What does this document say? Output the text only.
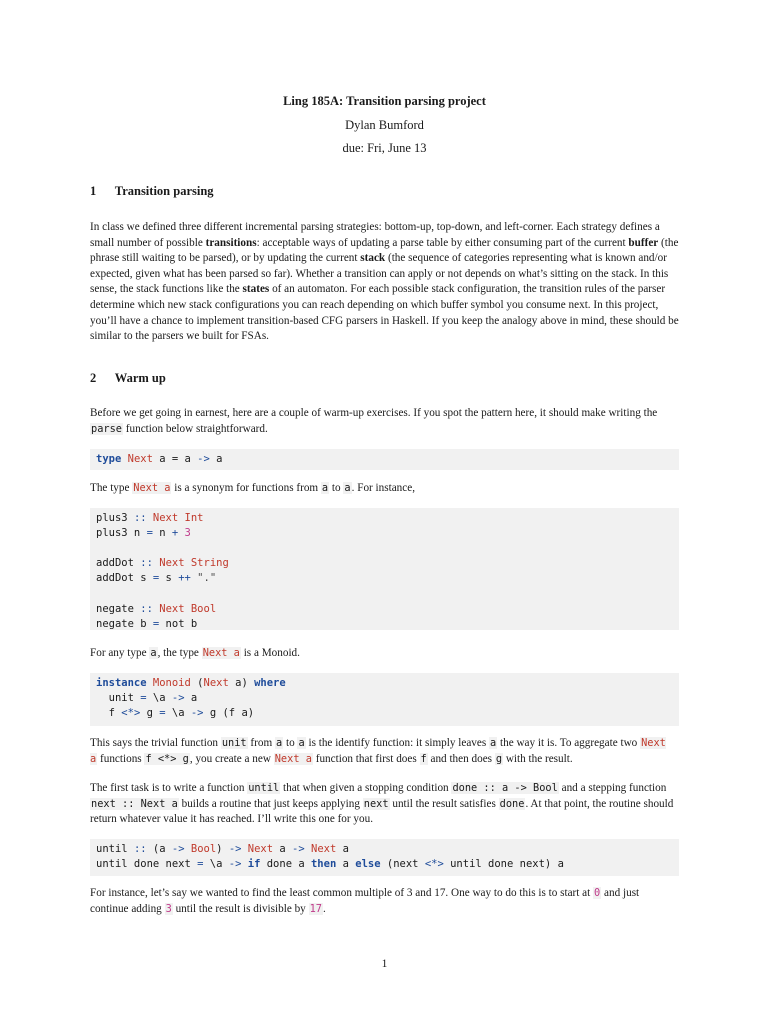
Ling 185A: Transition parsing project
Dylan Bumford
due: Fri, June 13
1 Transition parsing
In class we defined three different incremental parsing strategies: bottom-up, top-down, and left-corner. Each strategy defines a small number of possible transitions: acceptable ways of updating a parse table by either consuming part of the current buffer (the phrase still waiting to be parsed), or by updating the current stack (the sequence of categories representing what is known and/or expected, given what has been parsed so far). Whether a transition can apply or not depends on what’s sitting on the stack. In this sense, the stack functions like the states of an automaton. For each possible stack configuration, the transition rules of the parser determine which new stack configurations you can reach depending on which buffer symbol you consume next. In this project, you’ll have a chance to implement transition-based CFG parsers in Haskell. If you keep the analogy above in mind, these should be similar to the parsers we built for FSAs.
2 Warm up
Before we get going in earnest, here are a couple of warm-up exercises. If you spot the pattern here, it should make writing the parse function below straightforward.
type Next a = a -> a
The type Next a is a synonym for functions from a to a. For instance,
plus3 :: Next Int
plus3 n = n + 3

addDot :: Next String
addDot s = s ++ "."

negate :: Next Bool
negate b = not b
For any type a, the type Next a is a Monoid.
instance Monoid (Next a) where
unit = \a -> a
f <*> g = \a -> g (f a)
This says the trivial function unit from a to a is the identify function: it simply leaves a the way it is. To aggregate two Next a functions f <*> g, you create a new Next a function that first does f and then does g with the result.
The first task is to write a function until that when given a stopping condition done :: a -> Bool and a stepping function next :: Next a builds a routine that just keeps applying next until the result satisfies done. At that point, the routine should return whatever value it has reached. I’ll write this one for you.
until :: (a -> Bool) -> Next a -> Next a
until done next = \a -> if done a then a else (next <*> until done next) a
For instance, let’s say we wanted to find the least common multiple of 3 and 17. One way to do this is to start at 0 and just continue adding 3 until the result is divisible by 17.
1
